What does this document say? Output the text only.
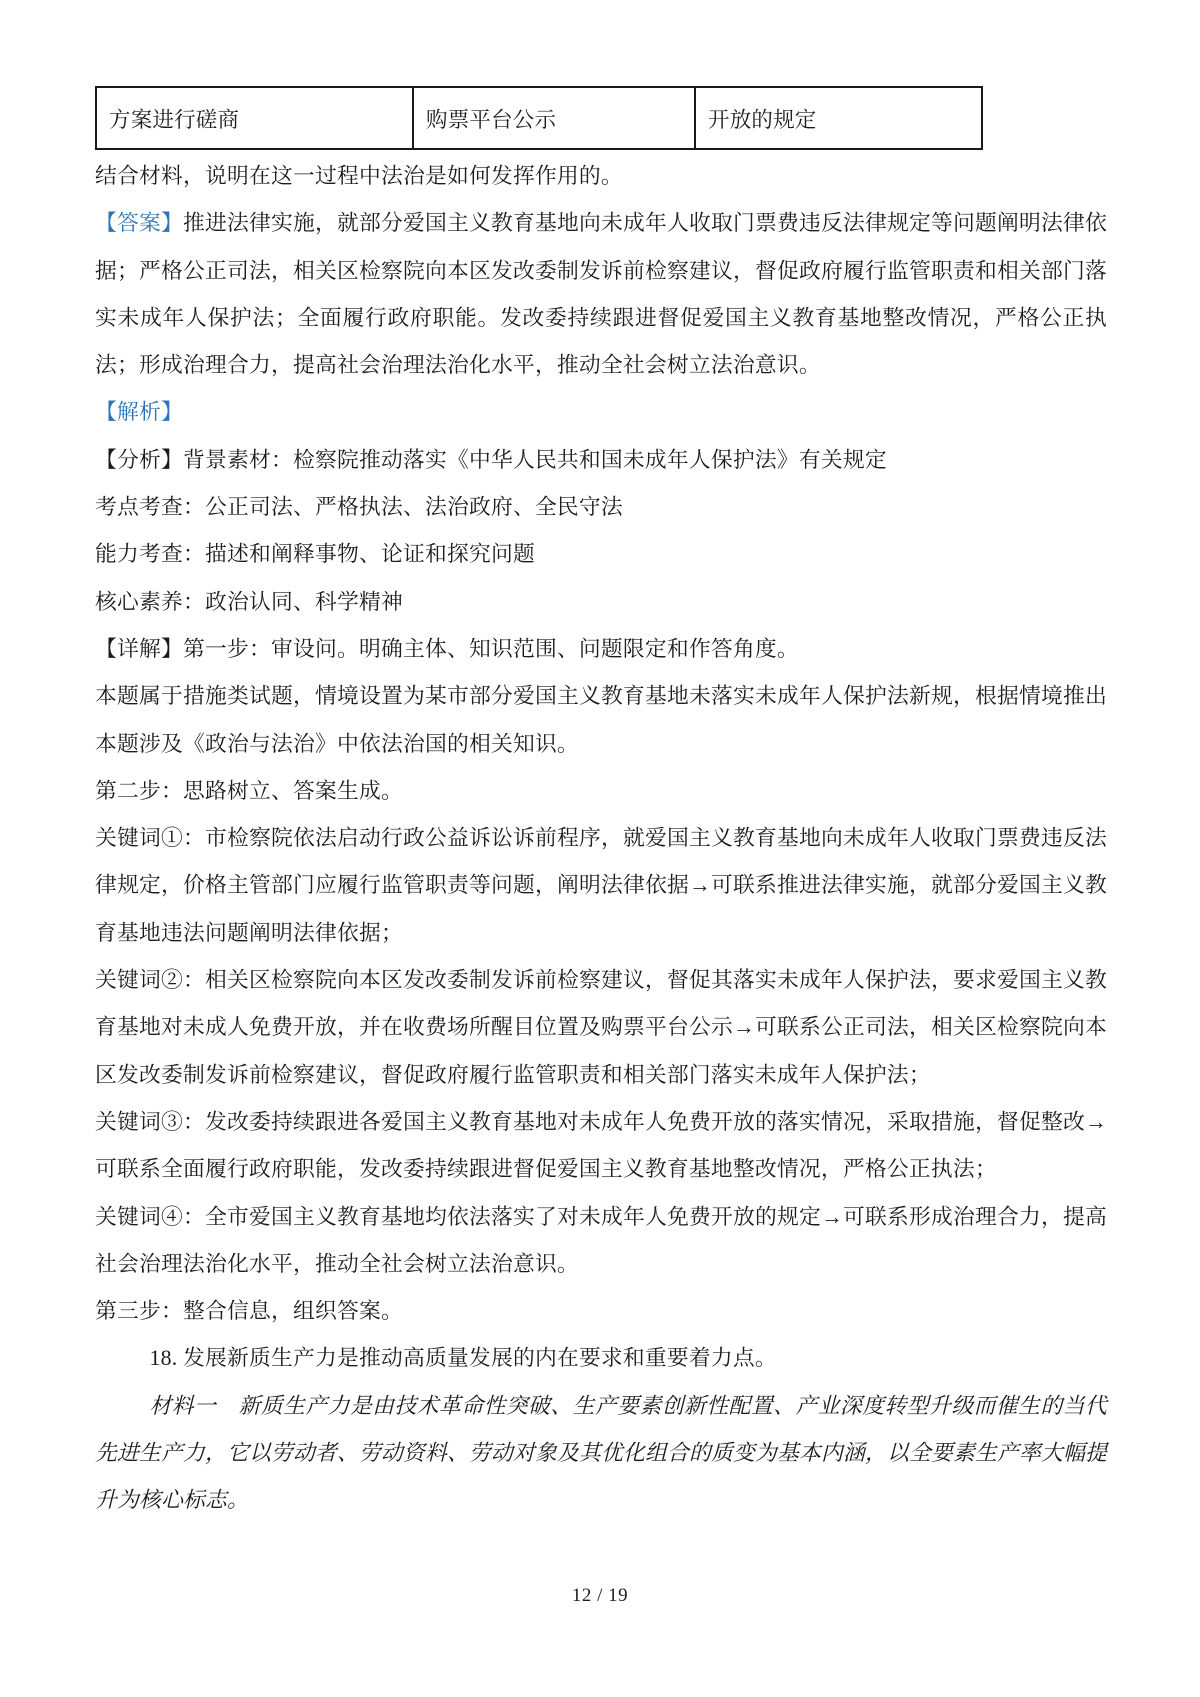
方案进行磋商	购票平台公示	开放的规定

结合材料，说明在这一过程中法治是如何发挥作用的。

【答案】推进法律实施，就部分爱国主义教育基地向未成年人收取门票费违反法律规定等问题阐明法律依据；严格公正司法，相关区检察院向本区发改委制发诉前检察建议，督促政府履行监管职责和相关部门落实未成年人保护法；全面履行政府职能。发改委持续跟进督促爱国主义教育基地整改情况，严格公正执法；形成治理合力，提高社会治理法治化水平，推动全社会树立法治意识。

【解析】

【分析】背景素材：检察院推动落实《中华人民共和国未成年人保护法》有关规定

考点考查：公正司法、严格执法、法治政府、全民守法

能力考查：描述和阐释事物、论证和探究问题

核心素养：政治认同、科学精神

【详解】第一步：审设问。明确主体、知识范围、问题限定和作答角度。

本题属于措施类试题，情境设置为某市部分爱国主义教育基地未落实未成年人保护法新规，根据情境推出本题涉及《政治与法治》中依法治国的相关知识。

第二步：思路树立、答案生成。

关键词①：市检察院依法启动行政公益诉讼诉前程序，就爱国主义教育基地向未成年人收取门票费违反法律规定，价格主管部门应履行监管职责等问题，阐明法律依据→可联系推进法律实施，就部分爱国主义教育基地违法问题阐明法律依据；

关键词②：相关区检察院向本区发改委制发诉前检察建议，督促其落实未成年人保护法，要求爱国主义教育基地对未成人免费开放，并在收费场所醒目位置及购票平台公示→可联系公正司法，相关区检察院向本区发改委制发诉前检察建议，督促政府履行监管职责和相关部门落实未成年人保护法；

关键词③：发改委持续跟进各爱国主义教育基地对未成年人免费开放的落实情况，采取措施，督促整改→可联系全面履行政府职能，发改委持续跟进督促爱国主义教育基地整改情况，严格公正执法；

关键词④：全市爱国主义教育基地均依法落实了对未成年人免费开放的规定→可联系形成治理合力，提高社会治理法治化水平，推动全社会树立法治意识。

第三步：整合信息，组织答案。

18. 发展新质生产力是推动高质量发展的内在要求和重要着力点。

材料一　新质生产力是由技术革命性突破、生产要素创新性配置、产业深度转型升级而催生的当代先进生产力，它以劳动者、劳动资料、劳动对象及其优化组合的质变为基本内涵，以全要素生产率大幅提升为核心标志。

12 / 19
